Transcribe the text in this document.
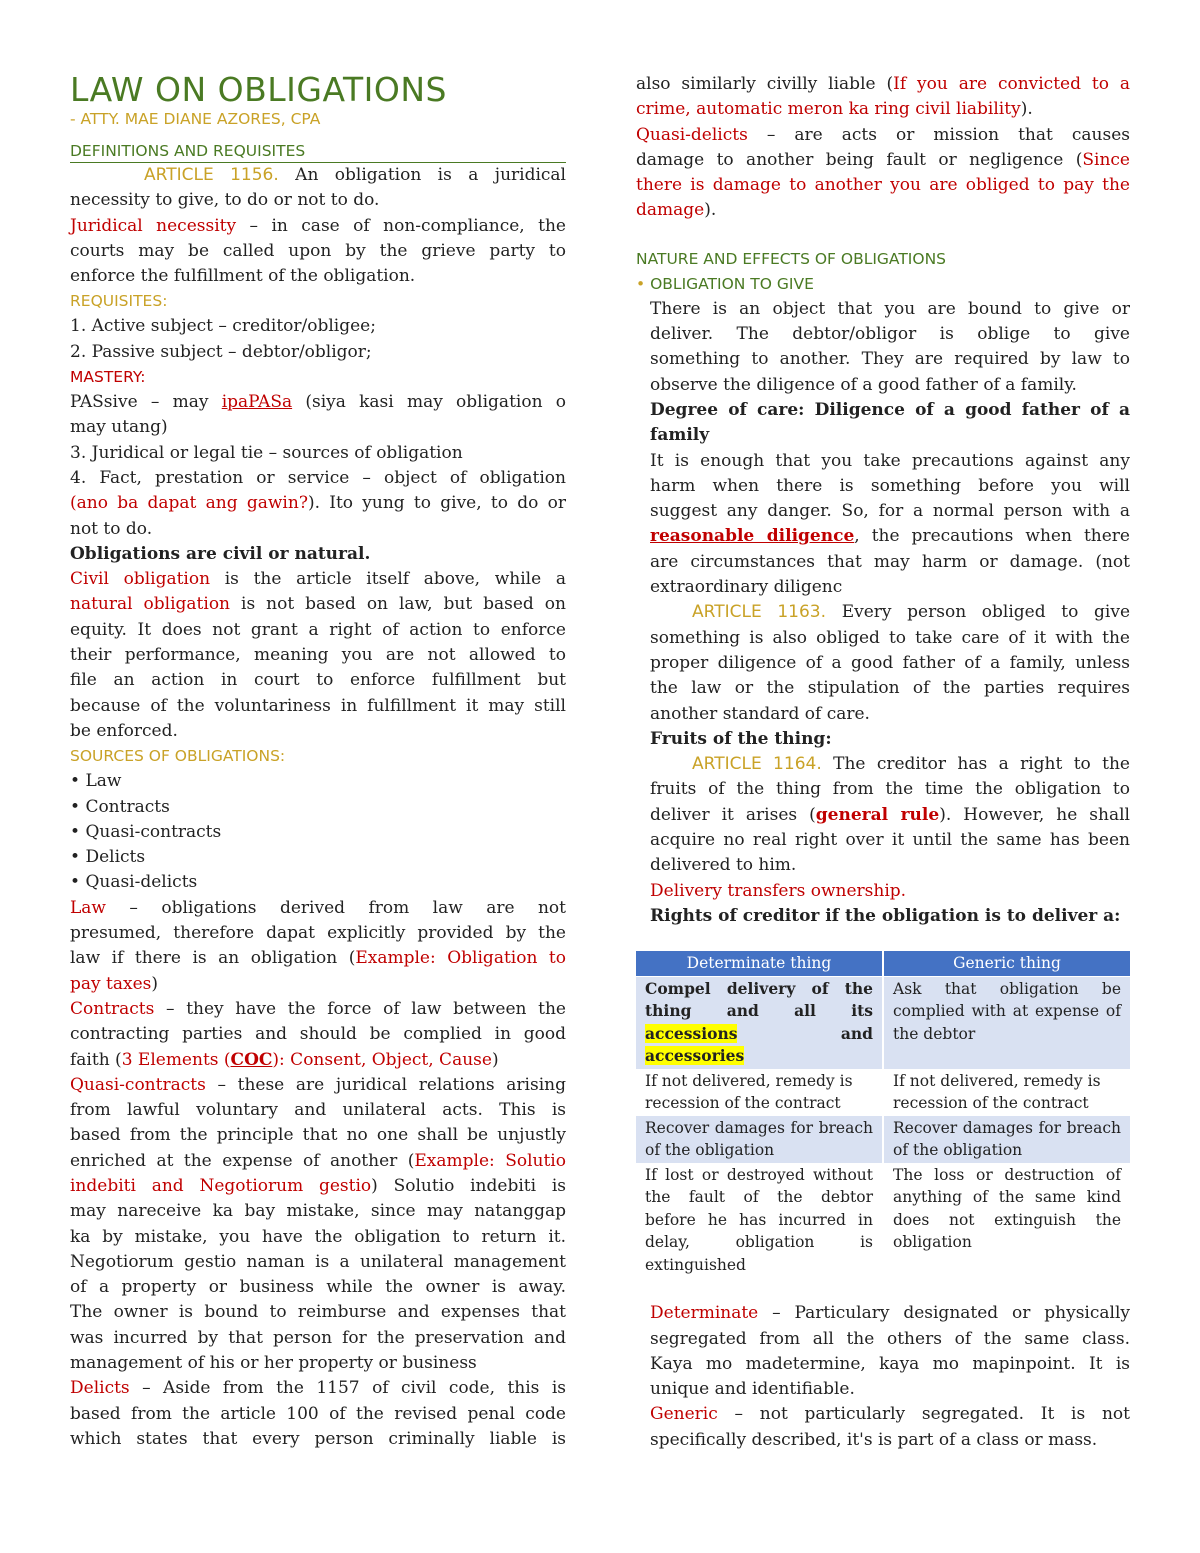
LAW ON OBLIGATIONS

- ATTY. MAE DIANE AZORES, CPA

DEFINITIONS AND REQUISITES

ARTICLE 1156. An obligation is a juridical

necessity to give, to do or not to do.

Juridical necessity – in case of non-compliance, the

courts may be called upon by the grieve party to

enforce the fulfillment of the obligation.

REQUISITES:

1. Active subject – creditor/obligee;

2. Passive subject – debtor/obligor;

MASTERY:

PASsive – may ipaPASa (siya kasi may obligation o

may utang)

3. Juridical or legal tie – sources of obligation

4. Fact, prestation or service – object of obligation

(ano ba dapat ang gawin?). Ito yung to give, to do or

not to do.

Obligations are civil or natural.

Civil obligation is the article itself above, while a

natural obligation is not based on law, but based on

equity. It does not grant a right of action to enforce

their performance, meaning you are not allowed to

file an action in court to enforce fulfillment but

because of the voluntariness in fulfillment it may still

be enforced.

SOURCES OF OBLIGATIONS:

• Law

• Contracts

• Quasi-contracts

• Delicts

• Quasi-delicts

Law – obligations derived from law are not

presumed, therefore dapat explicitly provided by the

law if there is an obligation (Example: Obligation to

pay taxes)

Contracts – they have the force of law between the

contracting parties and should be complied in good

faith (3 Elements (COC): Consent, Object, Cause)

Quasi-contracts – these are juridical relations arising

from lawful voluntary and unilateral acts. This is

based from the principle that no one shall be unjustly

enriched at the expense of another (Example: Solutio

indebiti and Negotiorum gestio) Solutio indebiti is

may nareceive ka bay mistake, since may natanggap

ka by mistake, you have the obligation to return it.

Negotiorum gestio naman is a unilateral management

of a property or business while the owner is away.

The owner is bound to reimburse and expenses that

was incurred by that person for the preservation and

management of his or her property or business

Delicts – Aside from the 1157 of civil code, this is

based from the article 100 of the revised penal code

which states that every person criminally liable is

also similarly civilly liable (If you are convicted to a

crime, automatic meron ka ring civil liability).

Quasi-delicts – are acts or mission that causes

damage to another being fault or negligence (Since

there is damage to another you are obliged to pay the

damage).

NATURE AND EFFECTS OF OBLIGATIONS

• OBLIGATION TO GIVE

There is an object that you are bound to give or

deliver. The debtor/obligor is oblige to give

something to another. They are required by law to

observe the diligence of a good father of a family.

Degree of care: Diligence of a good father of a

family

It is enough that you take precautions against any

harm when there is something before you will

suggest any danger. So, for a normal person with a

reasonable diligence, the precautions when there

are circumstances that may harm or damage. (not

extraordinary diligenc

ARTICLE 1163. Every person obliged to give

something is also obliged to take care of it with the

proper diligence of a good father of a family, unless

the law or the stipulation of the parties requires

another standard of care.

Fruits of the thing:

ARTICLE 1164. The creditor has a right to the

fruits of the thing from the time the obligation to

deliver it arises (general rule). However, he shall

acquire no real right over it until the same has been

delivered to him.

Delivery transfers ownership.

Rights of creditor if the obligation is to deliver a:

Determinate thing	Generic thing
Compel delivery of the thing and all its accessions and accessories	Ask that obligation be complied with at expense of the debtor
If not delivered, remedy is recession of the contract	If not delivered, remedy is recession of the contract
Recover damages for breach of the obligation	Recover damages for breach of the obligation
If lost or destroyed without the fault of the debtor before he has incurred in delay, obligation is extinguished	The loss or destruction of anything of the same kind does not extinguish the obligation

Determinate – Particulary designated or physically

segregated from all the others of the same class.

Kaya mo madetermine, kaya mo mapinpoint. It is

unique and identifiable.

Generic – not particularly segregated. It is not

specifically described, it's is part of a class or mass.
